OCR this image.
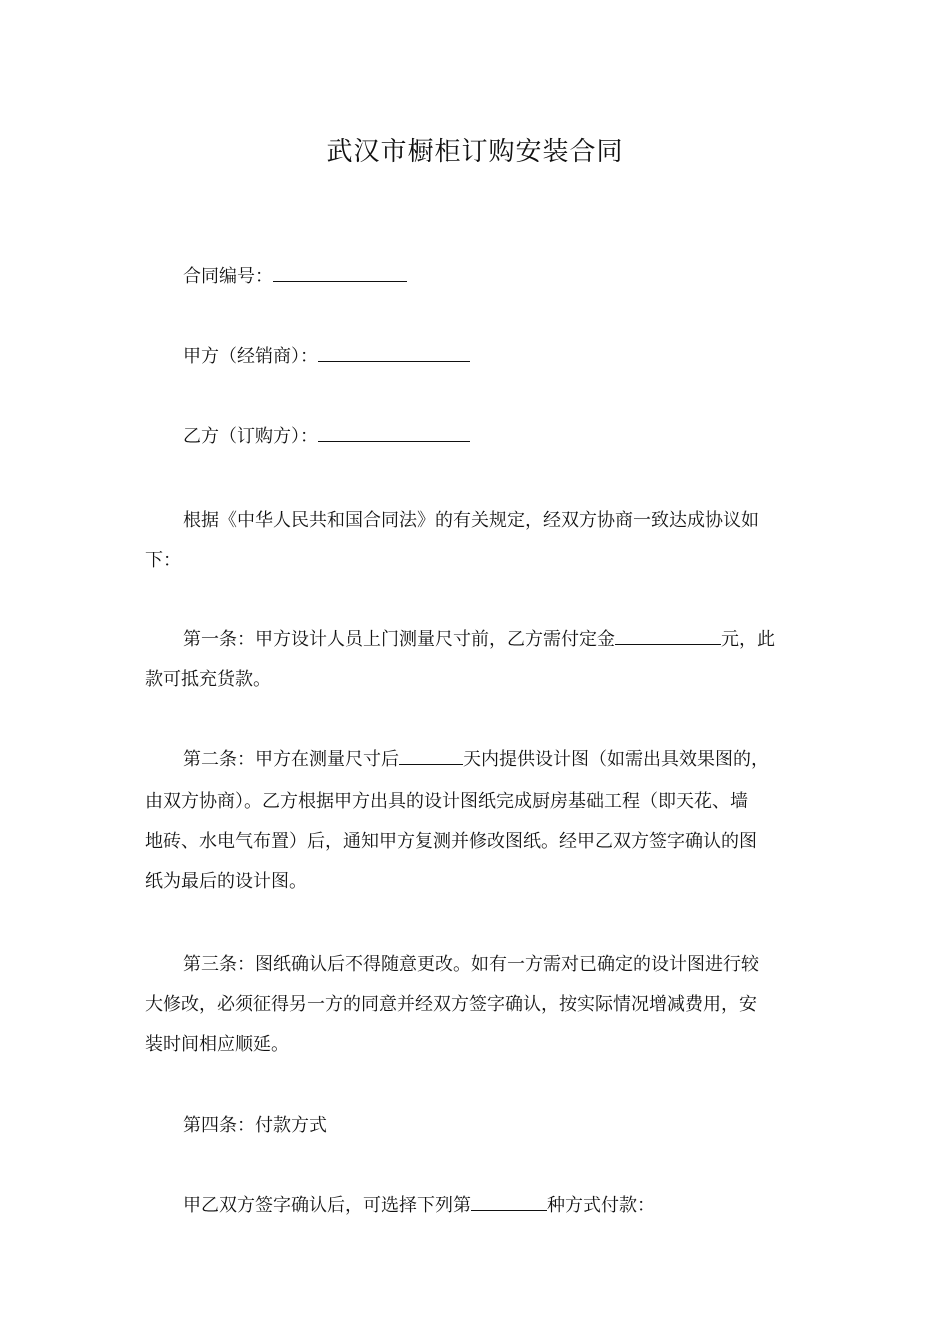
武汉市橱柜订购安装合同
合同编号：
甲方（经销商）：
乙方（订购方）：
根据《中华人民共和国合同法》的有关规定，经双方协商一致达成协议如
下：
第一条：甲方设计人员上门测量尺寸前，乙方需付定金	元，此
款可抵充货款。
第二条：甲方在测量尺寸后	天内提供设计图（如需出具效果图的，
由双方协商）。乙方根据甲方出具的设计图纸完成厨房基础工程（即天花、墙
地砖、水电气布置）后，通知甲方复测并修改图纸。经甲乙双方签字确认的图
纸为最后的设计图。
第三条：图纸确认后不得随意更改。如有一方需对已确定的设计图进行较
大修改，必须征得另一方的同意并经双方签字确认，按实际情况增减费用，安
装时间相应顺延。
第四条：付款方式
甲乙双方签字确认后，可选择下列第	种方式付款：
